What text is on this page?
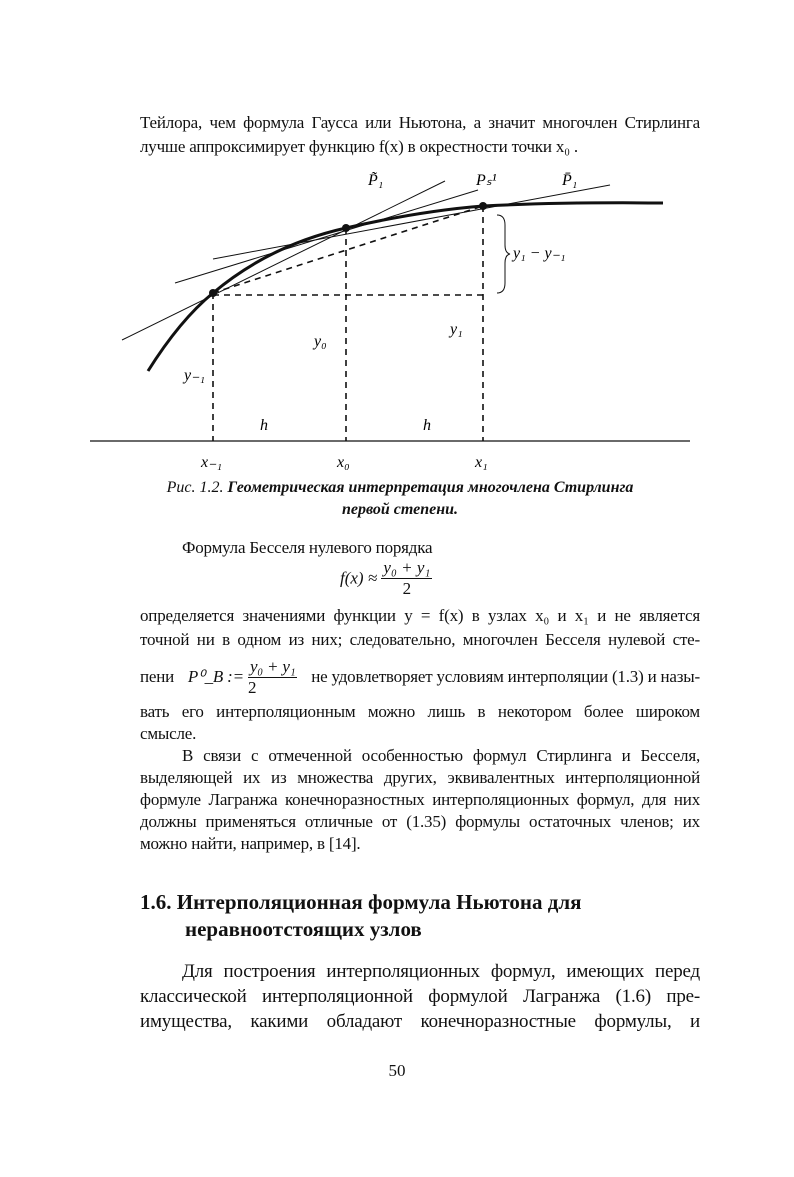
Тейлора, чем формула Гаусса или Ньютона, а значит многочлен Стирлинга
лучше аппроксимирует функцию f(x) в окрестности точки x₀ .
P̃₁	Pₛ¹	P̄₁
y₁ − y₋₁
y₋₁
y₀
y₁
h	h
x₋₁	x₀	x₁
Рис. 1.2. Геометрическая интерпретация многочлена Стирлинга
первой степени.
Формула Бесселя нулевого порядка
$f(x) \approx \frac{\text{y₀ + y₁}}{2}$
определяется значениями функции y = f(x) в узлах x₀ и x₁ и не является
точной ни в одном из них; следовательно, многочлен Бесселя нулевой сте-
пени P⁰_B := $\frac{\text{y₀ + y₁}}{2}$ не удовлетворяет условиям интерполяции (1.3) и назы-
вать его интерполяционным можно лишь в некотором более широком
смысле.
В связи с отмеченной особенностью формул Стирлинга и Бесселя,
выделяющей их из множества других, эквивалентных интерполяционной
формуле Лагранжа конечноразностных интерполяционных формул, для них
должны применяться отличные от (1.35) формулы остаточных членов; их
можно найти, например, в [14].
1.6. Интерполяционная формула Ньютона для
неравноотстоящих узлов
Для построения интерполяционных формул, имеющих перед
классической интерполяционной формулой Лагранжа (1.6) пре-
имущества, какими обладают конечноразностные формулы, и
50
